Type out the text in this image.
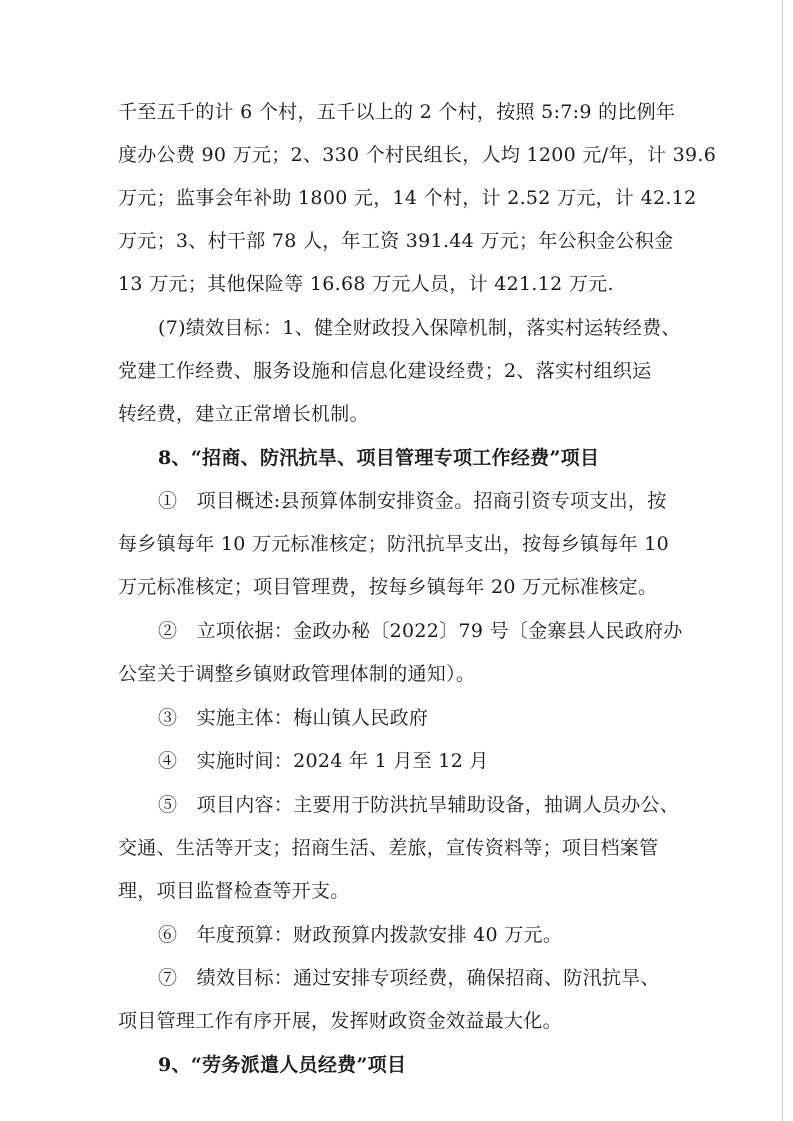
千至五千的计 6 个村，五千以上的 2 个村，按照 5:7:9 的比例年
度办公费 90 万元；2、330 个村民组长，人均 1200 元/年，计 39.6
万元；监事会年补助 1800 元，14 个村，计 2.52 万元，计 42.12
万元；3、村干部 78 人，年工资 391.44 万元；年公积金公积金
13 万元；其他保险等 16.68 万元人员，计 421.12 万元.
(7)绩效目标：1、健全财政投入保障机制，落实村运转经费、
党建工作经费、服务设施和信息化建设经费；2、落实村组织运
转经费，建立正常增长机制。
8、“招商、防汛抗旱、项目管理专项工作经费”项目
①　项目概述:县预算体制安排资金。招商引资专项支出，按
每乡镇每年 10 万元标准核定；防汛抗旱支出，按每乡镇每年 10
万元标准核定；项目管理费，按每乡镇每年 20 万元标准核定。
②　立项依据：金政办秘〔2022〕79 号〔金寨县人民政府办
公室关于调整乡镇财政管理体制的通知）。
③　实施主体：梅山镇人民政府
④　实施时间：2024 年 1 月至 12 月
⑤　项目内容：主要用于防洪抗旱辅助设备，抽调人员办公、
交通、生活等开支；招商生活、差旅，宣传资料等；项目档案管
理，项目监督检查等开支。
⑥　年度预算：财政预算内拨款安排 40 万元。
⑦　绩效目标：通过安排专项经费，确保招商、防汛抗旱、
项目管理工作有序开展，发挥财政资金效益最大化。
9、“劳务派遣人员经费”项目
